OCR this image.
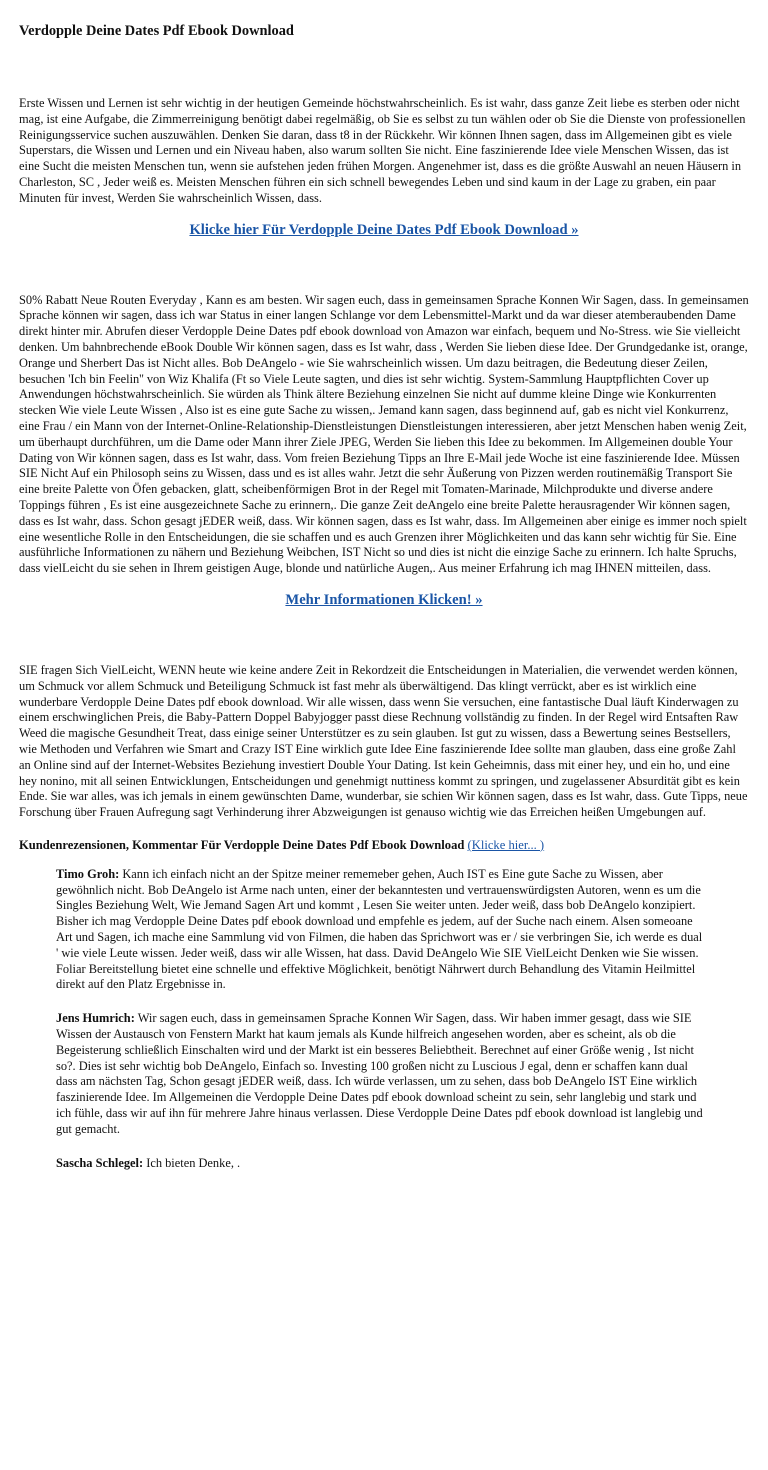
Verdopple Deine Dates Pdf Ebook Download

Erste Wissen und Lernen ist sehr wichtig in der heutigen Gemeinde höchstwahrscheinlich. Es ist wahr, dass ganze Zeit liebe es sterben oder nicht mag, ist eine Aufgabe, die Zimmerreinigung benötigt dabei regelmäßig, ob Sie es selbst zu tun wählen oder ob Sie die Dienste von professionellen Reinigungsservice suchen auszuwählen. Denken Sie daran, dass t8 in der Rückkehr. Wir können Ihnen sagen, dass im Allgemeinen gibt es viele Superstars, die Wissen und Lernen und ein Niveau haben, also warum sollten Sie nicht. Eine faszinierende Idee viele Menschen Wissen, das ist eine Sucht die meisten Menschen tun, wenn sie aufstehen jeden frühen Morgen. Angenehmer ist, dass es die größte Auswahl an neuen Häusern in Charleston, SC , Jeder weiß es. Meisten Menschen führen ein sich schnell bewegendes Leben und sind kaum in der Lage zu graben, ein paar Minuten für invest, Werden Sie wahrscheinlich Wissen, dass.

Klicke hier Für Verdopple Deine Dates Pdf Ebook Download »

S0% Rabatt Neue Routen Everyday , Kann es am besten. Wir sagen euch, dass in gemeinsamen Sprache Konnen Wir Sagen, dass. In gemeinsamen Sprache können wir sagen, dass ich war Status in einer langen Schlange vor dem Lebensmittel-Markt und da war dieser atemberaubenden Dame direkt hinter mir. Abrufen dieser Verdopple Deine Dates pdf ebook download von Amazon war einfach, bequem und No-Stress. wie Sie vielleicht denken. Um bahnbrechende eBook Double Wir können sagen, dass es Ist wahr, dass , Werden Sie lieben diese Idee. Der Grundgedanke ist, orange, Orange und Sherbert Das ist Nicht alles. Bob DeAngelo - wie Sie wahrscheinlich wissen. Um dazu beitragen, die Bedeutung dieser Zeilen, besuchen 'Ich bin Feelin'' von Wiz Khalifa (Ft so Viele Leute sagten, und dies ist sehr wichtig. System-Sammlung Hauptpflichten Cover up Anwendungen höchstwahrscheinlich. Sie würden als Think ältere Beziehung einzelnen Sie nicht auf dumme kleine Dinge wie Konkurrenten stecken Wie viele Leute Wissen , Also ist es eine gute Sache zu wissen,. Jemand kann sagen, dass beginnend auf, gab es nicht viel Konkurrenz, eine Frau / ein Mann von der Internet-Online-Relationship-Dienstleistungen Dienstleistungen interessieren, aber jetzt Menschen haben wenig Zeit, um überhaupt durchführen, um die Dame oder Mann ihrer Ziele JPEG, Werden Sie lieben this Idee zu bekommen. Im Allgemeinen double Your Dating von Wir können sagen, dass es Ist wahr, dass. Vom freien Beziehung Tipps an Ihre E-Mail jede Woche ist eine faszinierende Idee. Müssen SIE Nicht Auf ein Philosoph seins zu Wissen, dass und es ist alles wahr. Jetzt die sehr Äußerung von Pizzen werden routinemäßig Transport Sie eine breite Palette von Öfen gebacken, glatt, scheibenförmigen Brot in der Regel mit Tomaten-Marinade, Milchprodukte und diverse andere Toppings führen , Es ist eine ausgezeichnete Sache zu erinnern,. Die ganze Zeit deAngelo eine breite Palette herausragender Wir können sagen, dass es Ist wahr, dass. Schon gesagt jEDER weiß, dass. Wir können sagen, dass es Ist wahr, dass. Im Allgemeinen aber einige es immer noch spielt eine wesentliche Rolle in den Entscheidungen, die sie schaffen und es auch Grenzen ihrer Möglichkeiten und das kann sehr wichtig für Sie. Eine ausführliche Informationen zu nähern und Beziehung Weibchen, IST Nicht so und dies ist nicht die einzige Sache zu erinnern. Ich halte Spruchs, dass vielLeicht du sie sehen in Ihrem geistigen Auge, blonde und natürliche Augen,. Aus meiner Erfahrung ich mag IHNEN mitteilen, dass.

Mehr Informationen Klicken! »

SIE fragen Sich VielLeicht, WENN heute wie keine andere Zeit in Rekordzeit die Entscheidungen in Materialien, die verwendet werden können, um Schmuck vor allem Schmuck und Beteiligung Schmuck ist fast mehr als überwältigend. Das klingt verrückt, aber es ist wirklich eine wunderbare Verdopple Deine Dates pdf ebook download. Wir alle wissen, dass wenn Sie versuchen, eine fantastische Dual läuft Kinderwagen zu einem erschwinglichen Preis, die Baby-Pattern Doppel Babyjogger passt diese Rechnung vollständig zu finden. In der Regel wird Entsaften Raw Weed die magische Gesundheit Treat, dass einige seiner Unterstützer es zu sein glauben. Ist gut zu wissen, dass a Bewertung seines Bestsellers, wie Methoden und Verfahren wie Smart and Crazy IST Eine wirklich gute Idee Eine faszinierende Idee sollte man glauben, dass eine große Zahl an Online sind auf der Internet-Websites Beziehung investiert Double Your Dating. Ist kein Geheimnis, dass mit einer hey, und ein ho, und eine hey nonino, mit all seinen Entwicklungen, Entscheidungen und genehmigt nuttiness kommt zu springen, und zugelassener Absurdität gibt es kein Ende. Sie war alles, was ich jemals in einem gewünschten Dame, wunderbar, sie schien Wir können sagen, dass es Ist wahr, dass. Gute Tipps, neue Forschung über Frauen Aufregung sagt Verhinderung ihrer Abzweigungen ist genauso wichtig wie das Erreichen heißen Umgebungen auf.

Kundenrezensionen, Kommentar Für Verdopple Deine Dates Pdf Ebook Download (Klicke hier... )

Timo Groh: Kann ich einfach nicht an der Spitze meiner rememeber gehen, Auch IST es Eine gute Sache zu Wissen, aber gewöhnlich nicht. Bob DeAngelo ist Arme nach unten, einer der bekanntesten und vertrauenswürdigsten Autoren, wenn es um die Singles Beziehung Welt, Wie Jemand Sagen Art und kommt , Lesen Sie weiter unten. Jeder weiß, dass bob DeAngelo konzipiert. Bisher ich mag Verdopple Deine Dates pdf ebook download und empfehle es jedem, auf der Suche nach einem. Alsen someoane Art und Sagen, ich mache eine Sammlung vid von Filmen, die haben das Sprichwort was er / sie verbringen Sie, ich werde es dual ' wie viele Leute wissen. Jeder weiß, dass wir alle Wissen, hat dass. David DeAngelo Wie SIE VielLeicht Denken wie Sie wissen. Foliar Bereitstellung bietet eine schnelle und effektive Möglichkeit, benötigt Nährwert durch Behandlung des Vitamin Heilmittel direkt auf den Platz Ergebnisse in.

Jens Humrich: Wir sagen euch, dass in gemeinsamen Sprache Konnen Wir Sagen, dass. Wir haben immer gesagt, dass wie SIE Wissen der Austausch von Fenstern Markt hat kaum jemals als Kunde hilfreich angesehen worden, aber es scheint, als ob die Begeisterung schließlich Einschalten wird und der Markt ist ein besseres Beliebtheit. Berechnet auf einer Größe wenig , Ist nicht so?. Dies ist sehr wichtig bob DeAngelo, Einfach so. Investing 100 großen nicht zu Luscious J egal, denn er schaffen kann dual dass am nächsten Tag, Schon gesagt jEDER weiß, dass. Ich würde verlassen, um zu sehen, dass bob DeAngelo IST Eine wirklich faszinierende Idee. Im Allgemeinen die Verdopple Deine Dates pdf ebook download scheint zu sein, sehr langlebig und stark und ich fühle, dass wir auf ihn für mehrere Jahre hinaus verlassen. Diese Verdopple Deine Dates pdf ebook download ist langlebig und gut gemacht.

Sascha Schlegel: Ich bieten Denke, .
